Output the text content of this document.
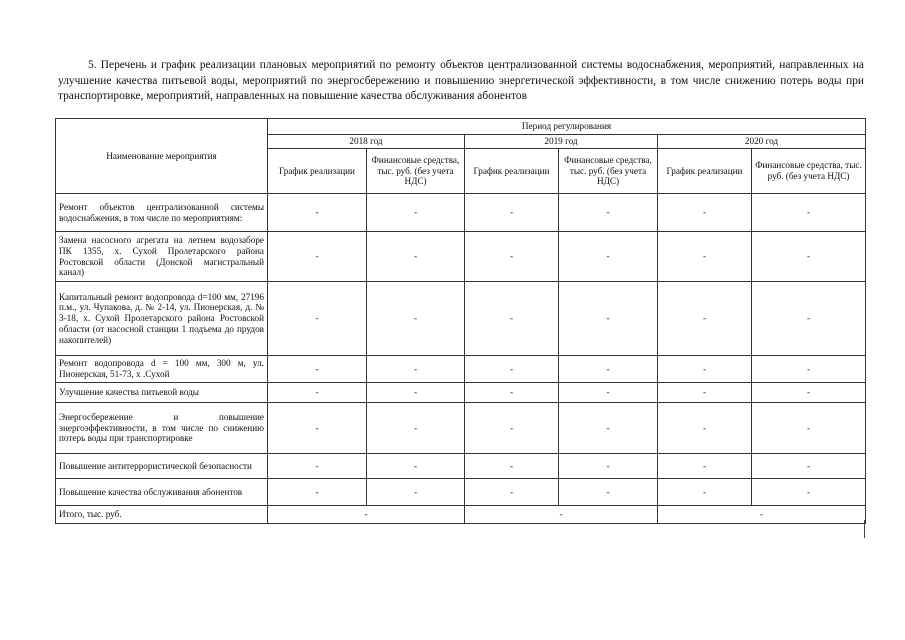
5. Перечень и график реализации плановых мероприятий по ремонту объектов централизованной системы водоснабжения, мероприятий, направленных на улучшение качества питьевой воды, мероприятий по энергосбережению и повышению энергетической эффективности, в том числе снижению потерь воды при транспортировке, мероприятий, направленных на повышение качества обслуживания абонентов
Наименование мероприятия	Период регулирования					
	2018 год		2019 год		2020 год	
	График реализации	Финансовые средства, тыс. руб. (без учета НДС)	График реализации	Финансовые средства, тыс. руб. (без учета НДС)	График реализации	Финансовые средства, тыс. руб. (без учета НДС)
Ремонт объектов централизованной системы водоснабжения, в том числе по мероприятиям:	-	-	-	-	-	-
Замена насосного агрегата на летнем водозаборе ПК 1355, х. Сухой Пролетарского района Ростовской области (Донской магистральный канал)	-	-	-	-	-	-
Капитальный ремонт водопровода d=100 мм, 27196 п.м., ул. Чупакова, д. № 2-14, ул. Пионерская, д. № 3-18, х. Сухой Пролетарского района Ростовской области (от насосной станции 1 подъема до прудов накопителей)	-	-	-	-	-	-
Ремонт водопровода d = 100 мм, 300 м, ул. Пионерская, 51-73, х .Сухой	-	-	-	-	-	-
Улучшение качества питьевой воды	-	-	-	-	-	-
Энергосбережение и повышение энергоэффективности, в том числе по снижению потерь воды при транспортировке	-	-	-	-	-	-
Повышение антитеррористической безопасности	-	-	-	-	-	-
Повышение качества обслуживания абонентов	-	-	-	-	-	-
Итого, тыс. руб.	-		-		-	
